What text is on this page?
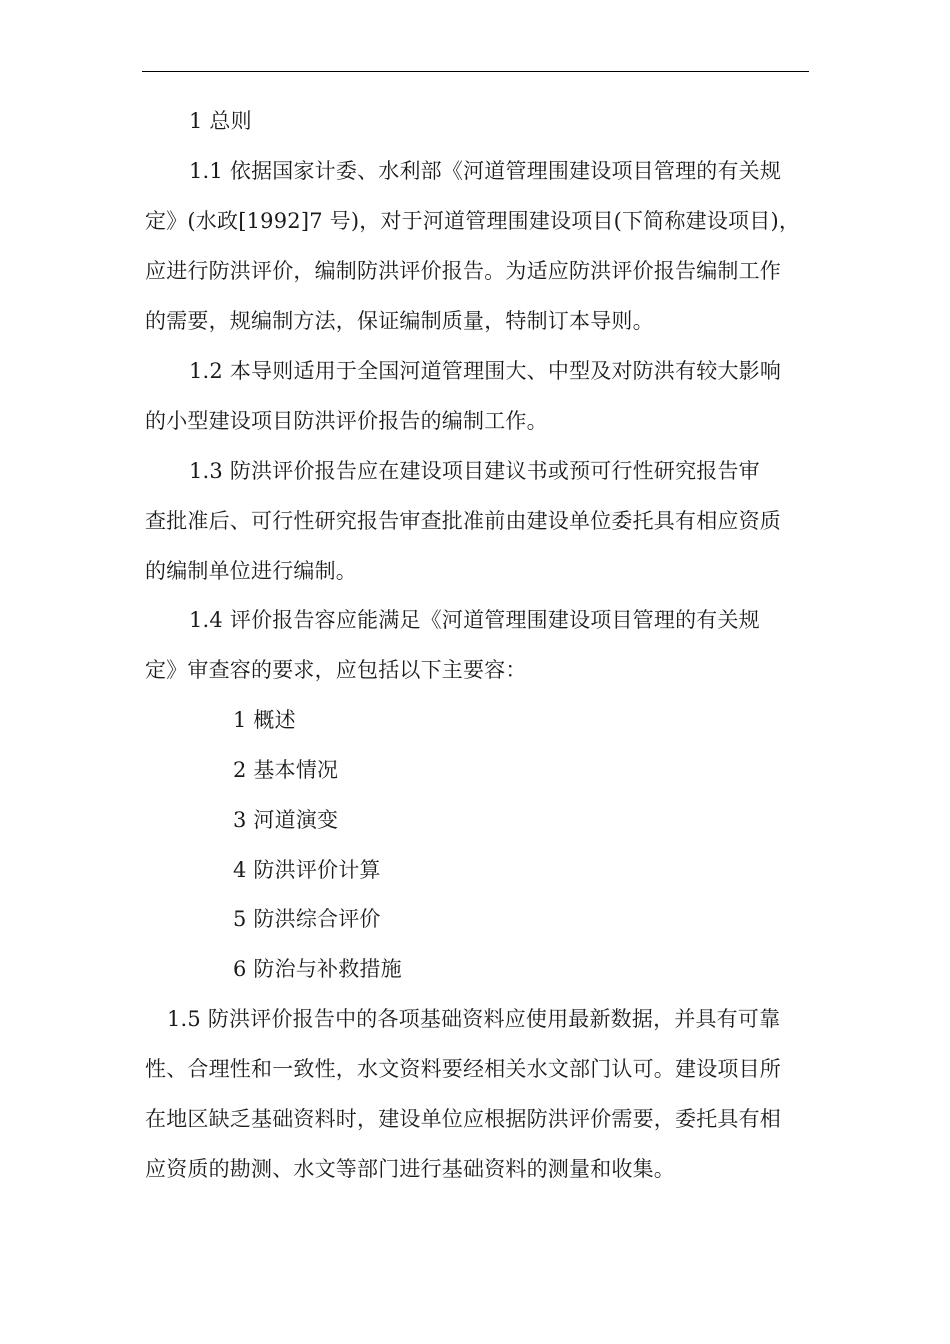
1 总则
1.1 依据国家计委、水利部《河道管理围建设项目管理的有关规
定》(水政[1992]7 号)，对于河道管理围建设项目(下简称建设项目)，
应进行防洪评价，编制防洪评价报告。为适应防洪评价报告编制工作
的需要，规编制方法，保证编制质量，特制订本导则。
1.2 本导则适用于全国河道管理围大、中型及对防洪有较大影响
的小型建设项目防洪评价报告的编制工作。
1.3 防洪评价报告应在建设项目建议书或预可行性研究报告审
查批准后、可行性研究报告审查批准前由建设单位委托具有相应资质
的编制单位进行编制。
1.4 评价报告容应能满足《河道管理围建设项目管理的有关规
定》审查容的要求，应包括以下主要容：
1 概述
2 基本情况
3 河道演变
4 防洪评价计算
5 防洪综合评价
6 防治与补救措施
1.5 防洪评价报告中的各项基础资料应使用最新数据，并具有可靠
性、合理性和一致性，水文资料要经相关水文部门认可。建设项目所
在地区缺乏基础资料时，建设单位应根据防洪评价需要，委托具有相
应资质的勘测、水文等部门进行基础资料的测量和收集。
